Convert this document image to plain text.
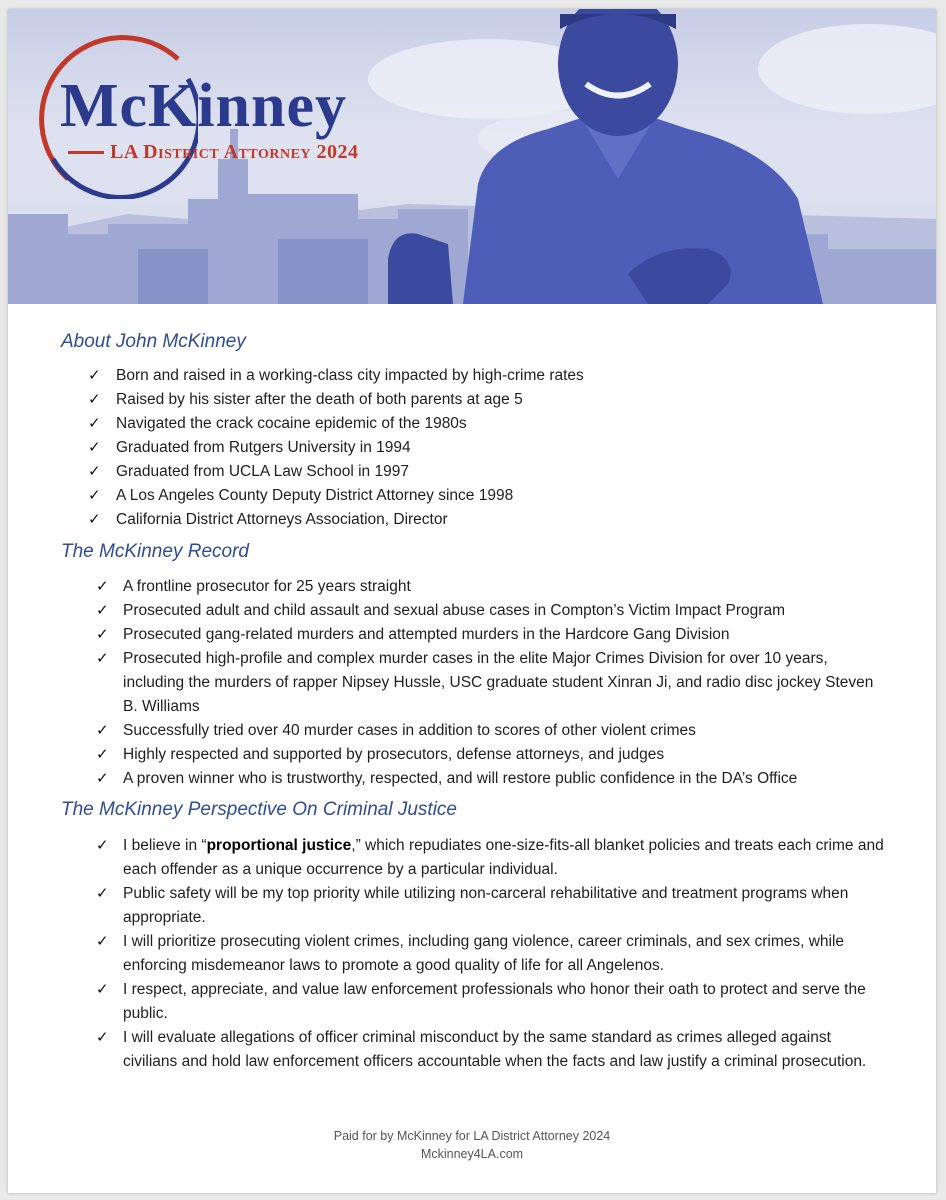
McKinney
LA District Attorney 2024
About John McKinney
✓ Born and raised in a working-class city impacted by high-crime rates
✓ Raised by his sister after the death of both parents at age 5
✓ Navigated the crack cocaine epidemic of the 1980s
✓ Graduated from Rutgers University in 1994
✓ Graduated from UCLA Law School in 1997
✓ A Los Angeles County Deputy District Attorney since 1998
✓ California District Attorneys Association, Director
The McKinney Record
✓ A frontline prosecutor for 25 years straight
✓ Prosecuted adult and child assault and sexual abuse cases in Compton’s Victim Impact Program
✓ Prosecuted gang-related murders and attempted murders in the Hardcore Gang Division
✓ Prosecuted high-profile and complex murder cases in the elite Major Crimes Division for over 10 years, including the murders of rapper Nipsey Hussle, USC graduate student Xinran Ji, and radio disc jockey Steven B. Williams
✓ Successfully tried over 40 murder cases in addition to scores of other violent crimes
✓ Highly respected and supported by prosecutors, defense attorneys, and judges
✓ A proven winner who is trustworthy, respected, and will restore public confidence in the DA’s Office
The McKinney Perspective On Criminal Justice
✓ I believe in “proportional justice,” which repudiates one-size-fits-all blanket policies and treats each crime and each offender as a unique occurrence by a particular individual.
✓ Public safety will be my top priority while utilizing non-carceral rehabilitative and treatment programs when appropriate.
✓ I will prioritize prosecuting violent crimes, including gang violence, career criminals, and sex crimes, while enforcing misdemeanor laws to promote a good quality of life for all Angelenos.
✓ I respect, appreciate, and value law enforcement professionals who honor their oath to protect and serve the public.
✓ I will evaluate allegations of officer criminal misconduct by the same standard as crimes alleged against civilians and hold law enforcement officers accountable when the facts and law justify a criminal prosecution.
Paid for by McKinney for LA District Attorney 2024
Mckinney4LA.com
